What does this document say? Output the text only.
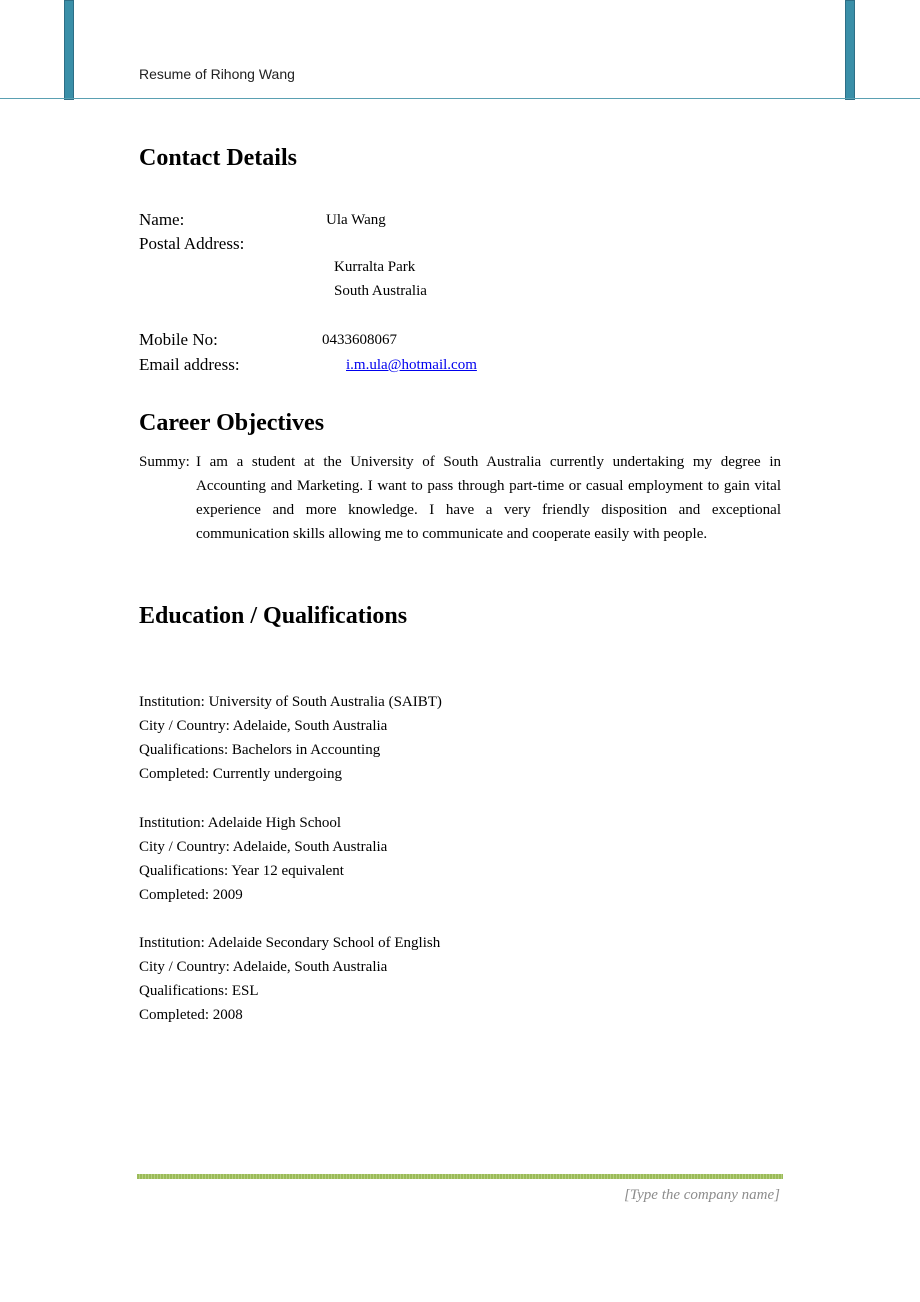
Resume of Rihong Wang
Contact Details
Name:	Ula Wang
Postal Address:
Kurralta Park
South Australia
Mobile No:	0433608067
Email address:	i.m.ula@hotmail.com
Career Objectives
Summy: I am a student at the University of South Australia currently undertaking my degree in Accounting and Marketing. I want to pass through part-time or casual employment to gain vital experience and more knowledge. I have a very friendly disposition and exceptional communication skills allowing me to communicate and cooperate easily with people.
Education / Qualifications
Institution: University of South Australia (SAIBT)
City / Country: Adelaide, South Australia
Qualifications: Bachelors in Accounting
Completed: Currently undergoing
Institution: Adelaide High School
City / Country: Adelaide, South Australia
Qualifications: Year 12 equivalent
Completed: 2009
Institution: Adelaide Secondary School of English
City / Country: Adelaide, South Australia
Qualifications: ESL
Completed: 2008
[Type the company name]
